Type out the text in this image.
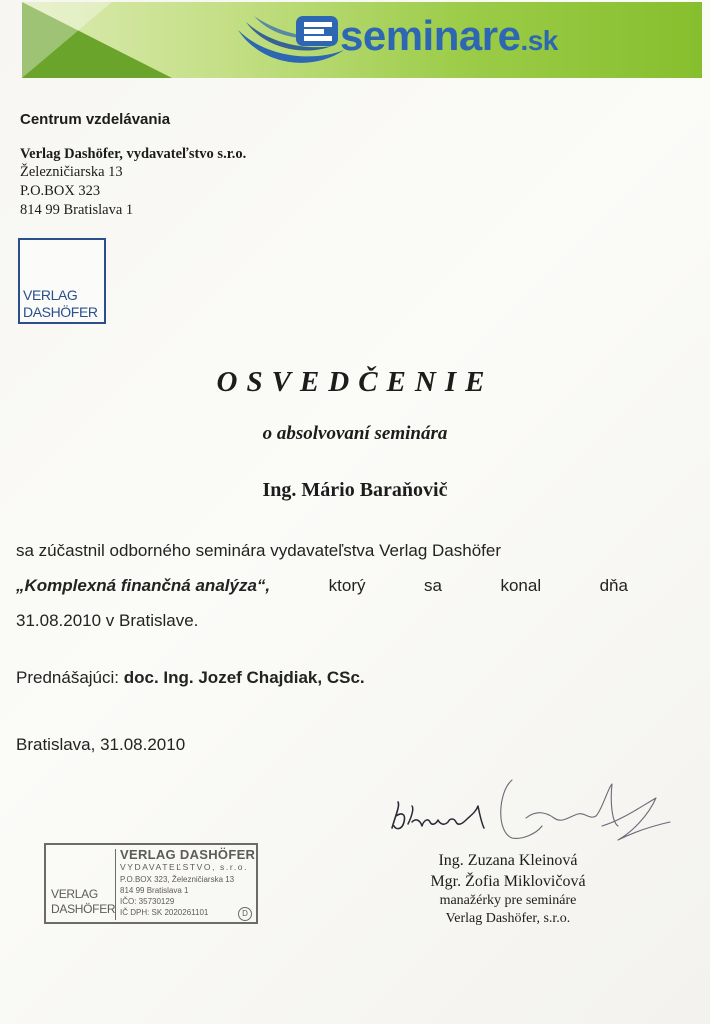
seminare.sk
Centrum vzdelávania
Verlag Dashöfer, vydavateľstvo s.r.o.
Železničiarska 13
P.O.BOX 323
814 99 Bratislava 1
VERLAG
DASHÖFER
OSVEDČENIE
o absolvovaní seminára
Ing. Mário Baraňovič
sa zúčastnil odborného seminára vydavateľstva Verlag Dashöfer
„Komplexná finančná analýza“,	ktorý	sa	konal	dňa
31.08.2010 v Bratislave.
Prednášajúci: doc. Ing. Jozef Chajdiak, CSc.
Bratislava, 31.08.2010
VERLAG
DASHÖFER
VERLAG DASHÖFER
VYDAVATEĽSTVO, s.r.o.
P.O.BOX 323, Železničiarska 13
814 99 Bratislava 1
IČO: 35730129
IČ DPH: SK 2020261101	D
Ing. Zuzana Kleinová
Mgr. Žofia Miklovičová
manažérky pre semináre
Verlag Dashöfer, s.r.o.
